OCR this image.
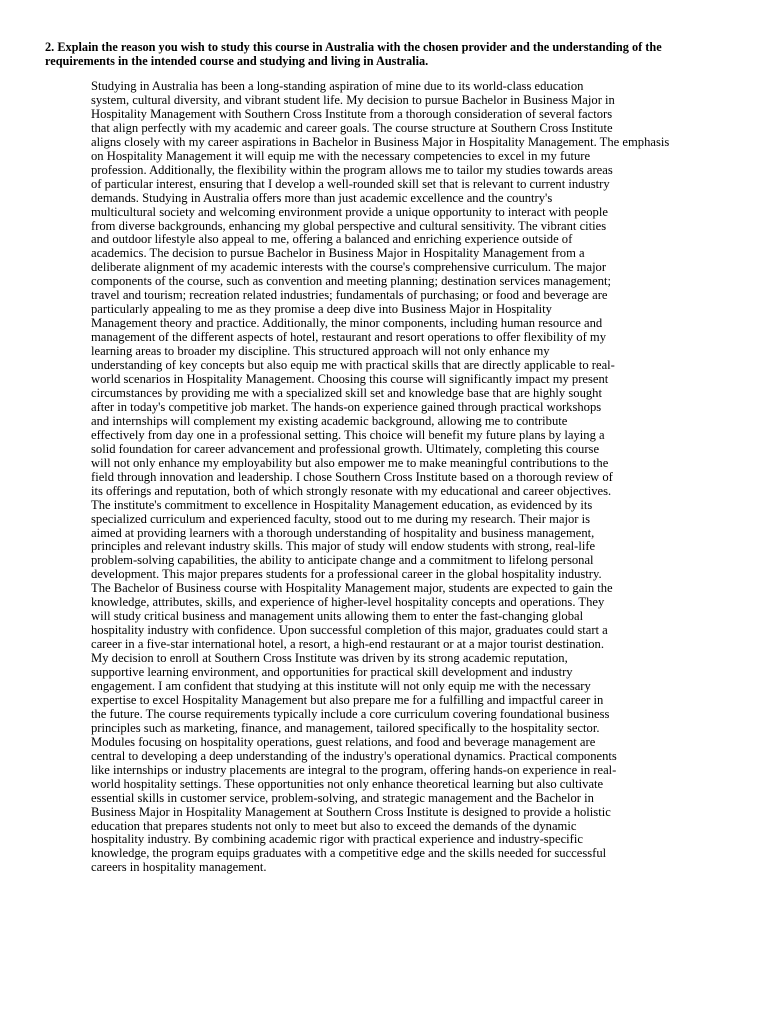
2. Explain the reason you wish to study this course in Australia with the chosen provider and the understanding of the requirements in the intended course and studying and living in Australia.
Studying in Australia has been a long-standing aspiration of mine due to its world-class education
system, cultural diversity, and vibrant student life. My decision to pursue Bachelor in Business Major in
Hospitality Management with Southern Cross Institute from a thorough consideration of several factors
that align perfectly with my academic and career goals. The course structure at Southern Cross Institute
aligns closely with my career aspirations in Bachelor in Business Major in Hospitality Management. The emphasis
on Hospitality Management it will equip me with the necessary competencies to excel in my future
profession. Additionally, the flexibility within the program allows me to tailor my studies towards areas
of particular interest, ensuring that I develop a well-rounded skill set that is relevant to current industry
demands. Studying in Australia offers more than just academic excellence and the country's
multicultural society and welcoming environment provide a unique opportunity to interact with people
from diverse backgrounds, enhancing my global perspective and cultural sensitivity. The vibrant cities
and outdoor lifestyle also appeal to me, offering a balanced and enriching experience outside of
academics. The decision to pursue Bachelor in Business Major in Hospitality Management from a
deliberate alignment of my academic interests with the course's comprehensive curriculum. The major
components of the course, such as convention and meeting planning; destination services management;
travel and tourism; recreation related industries; fundamentals of purchasing; or food and beverage are
particularly appealing to me as they promise a deep dive into Business Major in Hospitality
Management theory and practice. Additionally, the minor components, including human resource and
management of the different aspects of hotel, restaurant and resort operations to offer flexibility of my
learning areas to broader my discipline. This structured approach will not only enhance my
understanding of key concepts but also equip me with practical skills that are directly applicable to real-
world scenarios in Hospitality Management. Choosing this course will significantly impact my present
circumstances by providing me with a specialized skill set and knowledge base that are highly sought
after in today's competitive job market. The hands-on experience gained through practical workshops
and internships will complement my existing academic background, allowing me to contribute
effectively from day one in a professional setting. This choice will benefit my future plans by laying a
solid foundation for career advancement and professional growth. Ultimately, completing this course
will not only enhance my employability but also empower me to make meaningful contributions to the
field through innovation and leadership. I chose Southern Cross Institute based on a thorough review of
its offerings and reputation, both of which strongly resonate with my educational and career objectives.
The institute's commitment to excellence in Hospitality Management education, as evidenced by its
specialized curriculum and experienced faculty, stood out to me during my research. Their major is
aimed at providing learners with a thorough understanding of hospitality and business management,
principles and relevant industry skills. This major of study will endow students with strong, real-life
problem-solving capabilities, the ability to anticipate change and a commitment to lifelong personal
development. This major prepares students for a professional career in the global hospitality industry.
The Bachelor of Business course with Hospitality Management major, students are expected to gain the
knowledge, attributes, skills, and experience of higher-level hospitality concepts and operations. They
will study critical business and management units allowing them to enter the fast-changing global
hospitality industry with confidence. Upon successful completion of this major, graduates could start a
career in a five-star international hotel, a resort, a high-end restaurant or at a major tourist destination.
My decision to enroll at Southern Cross Institute was driven by its strong academic reputation,
supportive learning environment, and opportunities for practical skill development and industry
engagement. I am confident that studying at this institute will not only equip me with the necessary
expertise to excel Hospitality Management but also prepare me for a fulfilling and impactful career in
the future. The course requirements typically include a core curriculum covering foundational business
principles such as marketing, finance, and management, tailored specifically to the hospitality sector.
Modules focusing on hospitality operations, guest relations, and food and beverage management are
central to developing a deep understanding of the industry's operational dynamics. Practical components
like internships or industry placements are integral to the program, offering hands-on experience in real-
world hospitality settings. These opportunities not only enhance theoretical learning but also cultivate
essential skills in customer service, problem-solving, and strategic management and the Bachelor in
Business Major in Hospitality Management at Southern Cross Institute is designed to provide a holistic
education that prepares students not only to meet but also to exceed the demands of the dynamic
hospitality industry. By combining academic rigor with practical experience and industry-specific
knowledge, the program equips graduates with a competitive edge and the skills needed for successful
careers in hospitality management.
